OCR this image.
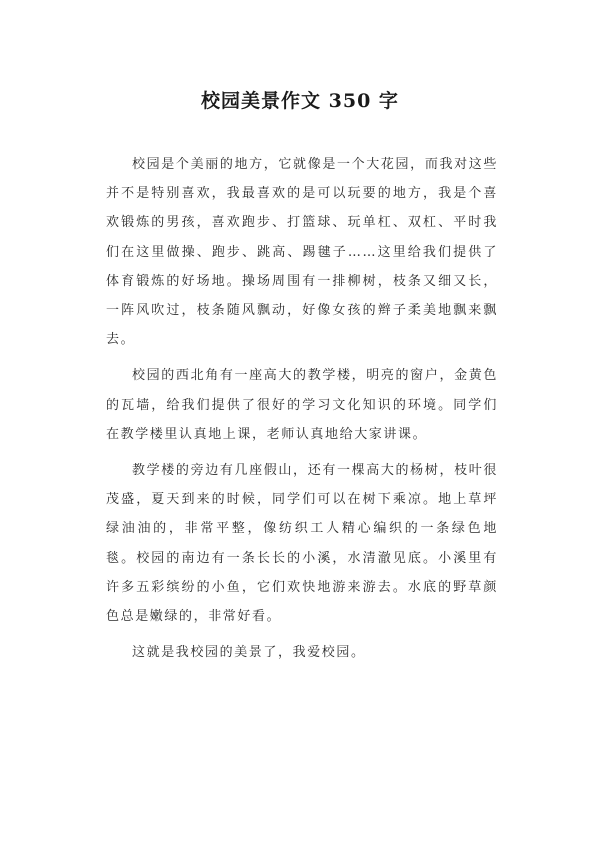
校园美景作文 350 字

校园是个美丽的地方，它就像是一个大花园，而我对这些并不是特别喜欢，我最喜欢的是可以玩要的地方，我是个喜欢锻炼的男孩，喜欢跑步、打篮球、玩单杠、双杠、平时我们在这里做操、跑步、跳高、踢毽子……这里给我们提供了体育锻炼的好场地。操场周围有一排柳树，枝条又细又长，一阵风吹过，枝条随风飘动，好像女孩的辫子柔美地飘来飘去。

校园的西北角有一座高大的教学楼，明亮的窗户，金黄色的瓦墙，给我们提供了很好的学习文化知识的环境。同学们在教学楼里认真地上课，老师认真地给大家讲课。

教学楼的旁边有几座假山，还有一棵高大的杨树，枝叶很茂盛，夏天到来的时候，同学们可以在树下乘凉。地上草坪绿油油的，非常平整，像纺织工人精心编织的一条绿色地毯。校园的南边有一条长长的小溪，水清澈见底。小溪里有许多五彩缤纷的小鱼，它们欢快地游来游去。水底的野草颜色总是嫩绿的，非常好看。

这就是我校园的美景了，我爱校园。
